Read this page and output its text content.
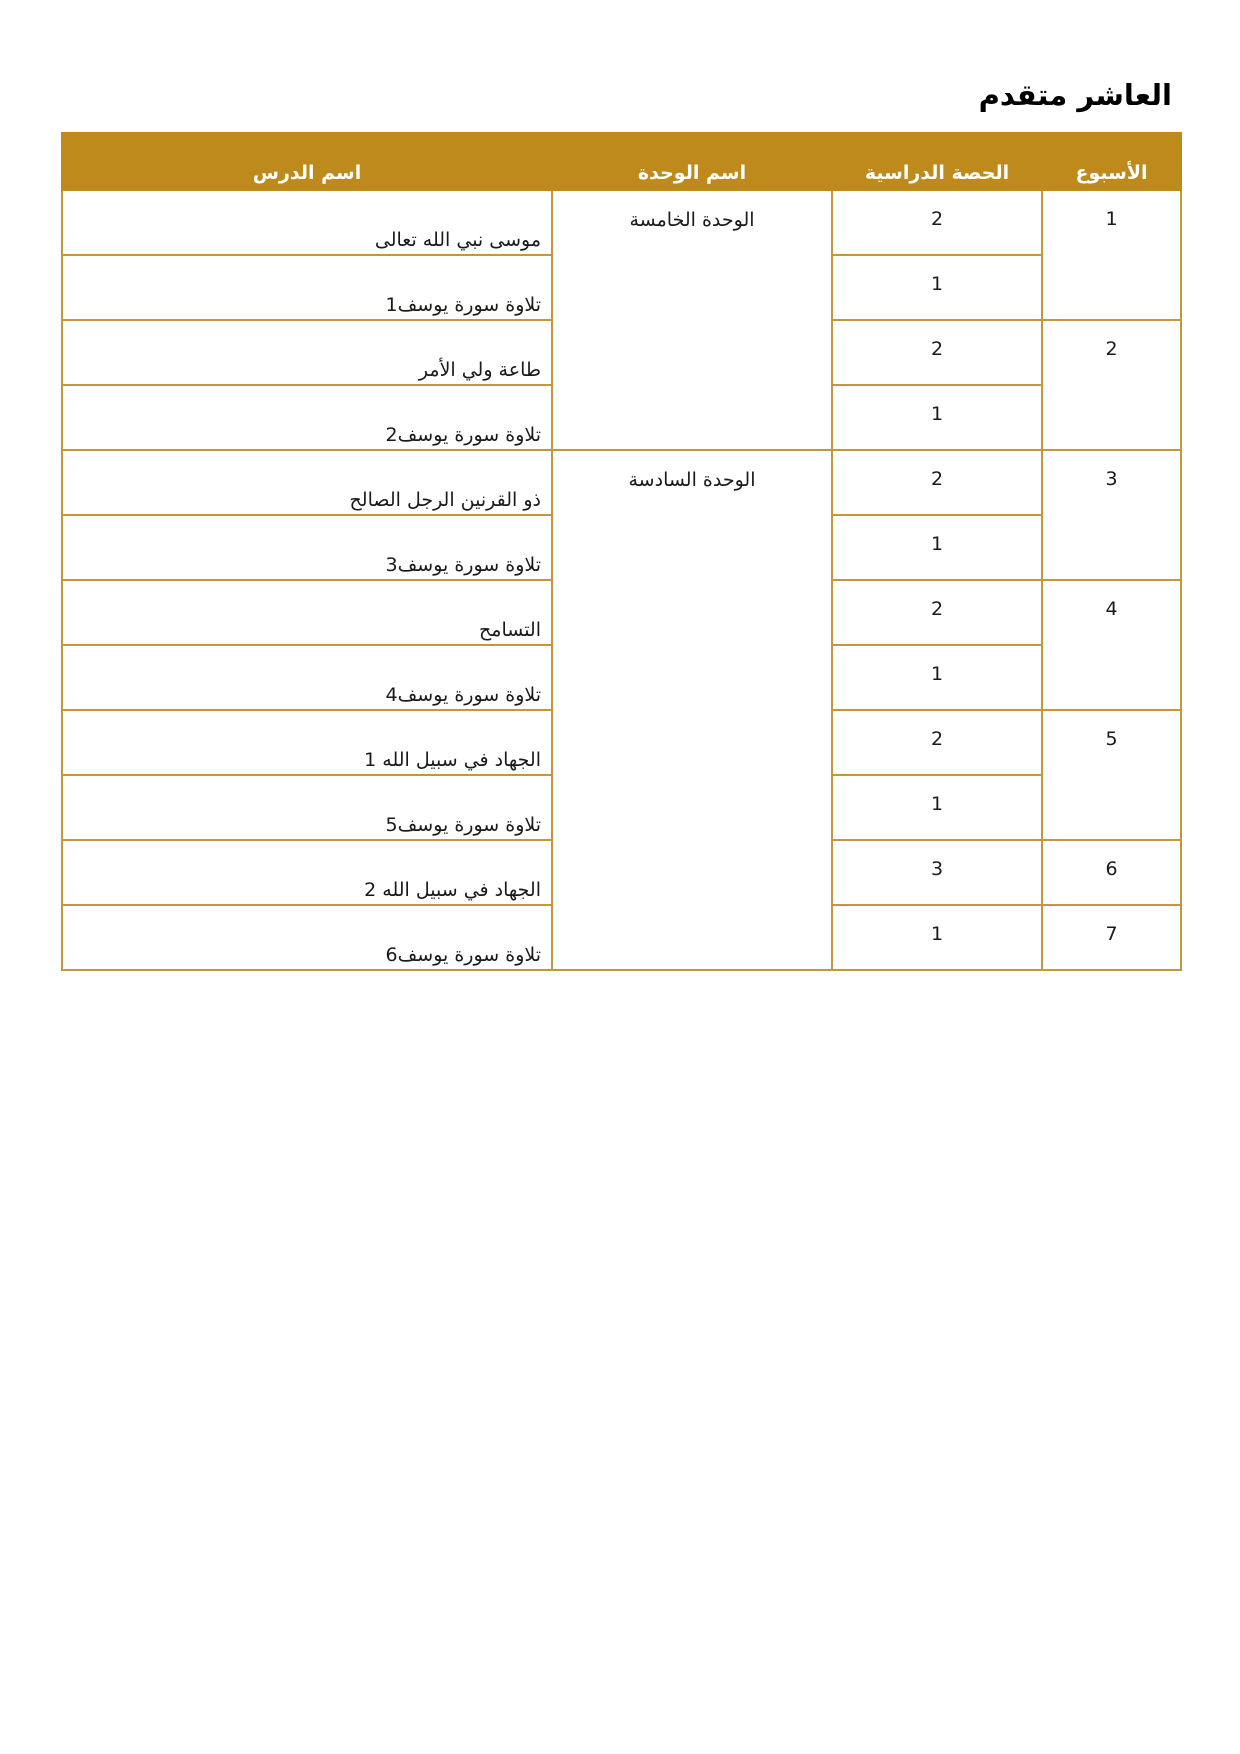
العاشر متقدم
الأسبوع	الحصة الدراسية	اسم الوحدة	اسم الدرس
1	2	الوحدة الخامسة	موسى نبي الله تعالى
	1		تلاوة سورة يوسف1
2	2		طاعة ولي الأمر
	1		تلاوة سورة يوسف2
3	2	الوحدة السادسة	ذو القرنين الرجل الصالح
	1		تلاوة سورة يوسف3
4	2		التسامح
	1		تلاوة سورة يوسف4
5	2		الجهاد في سبيل الله 1
	1		تلاوة سورة يوسف5
6	3		الجهاد في سبيل الله 2
7	1		تلاوة سورة يوسف6
